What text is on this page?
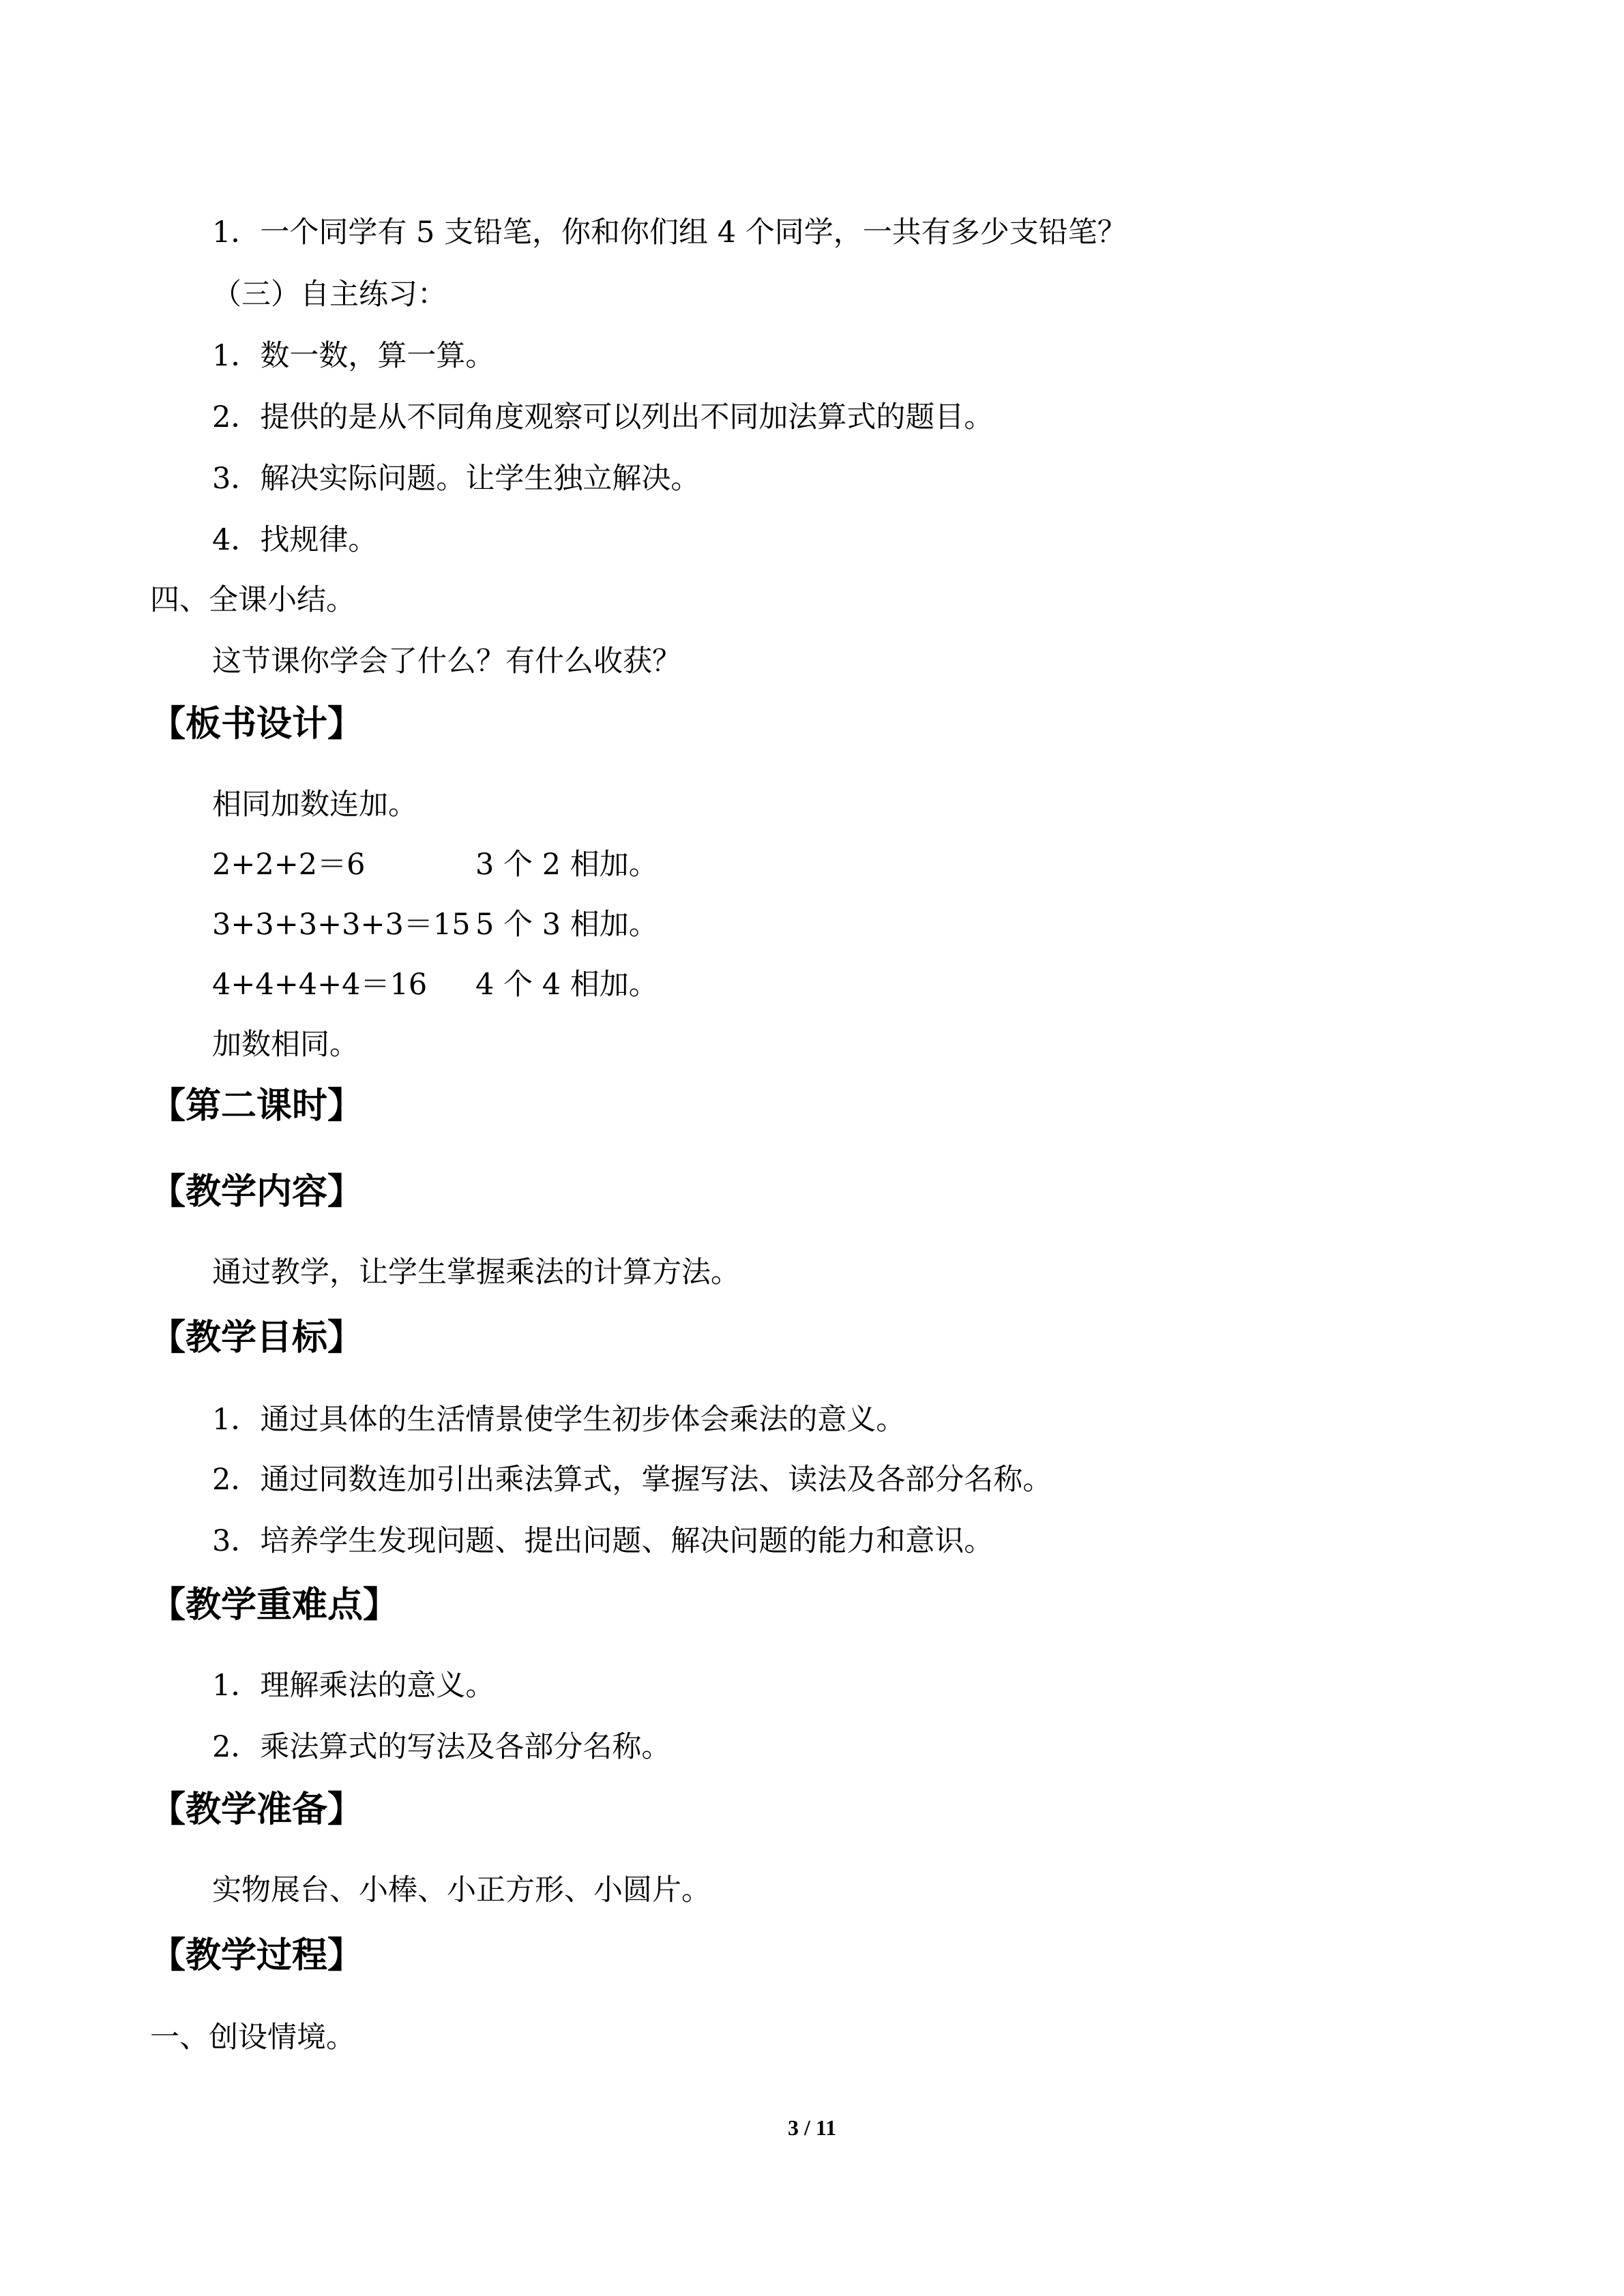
1．一个同学有 5 支铅笔，你和你们组 4 个同学，一共有多少支铅笔？

（三）自主练习：

1．数一数，算一算。

2．提供的是从不同角度观察可以列出不同加法算式的题目。

3．解决实际问题。让学生独立解决。

4．找规律。

四、全课小结。

这节课你学会了什么？有什么收获？

【板书设计】

相同加数连加。

2+2+2＝6	3 个 2 相加。
3+3+3+3+3＝15 5 个 3 相加。
4+4+4+4＝16 4 个 4 相加。

加数相同。

【第二课时】

【教学内容】

通过教学，让学生掌握乘法的计算方法。

【教学目标】

1．通过具体的生活情景使学生初步体会乘法的意义。

2．通过同数连加引出乘法算式，掌握写法、读法及各部分名称。

3．培养学生发现问题、提出问题、解决问题的能力和意识。

【教学重难点】

1．理解乘法的意义。

2．乘法算式的写法及各部分名称。

【教学准备】

实物展台、小棒、小正方形、小圆片。

【教学过程】

一、创设情境。

3 / 11
